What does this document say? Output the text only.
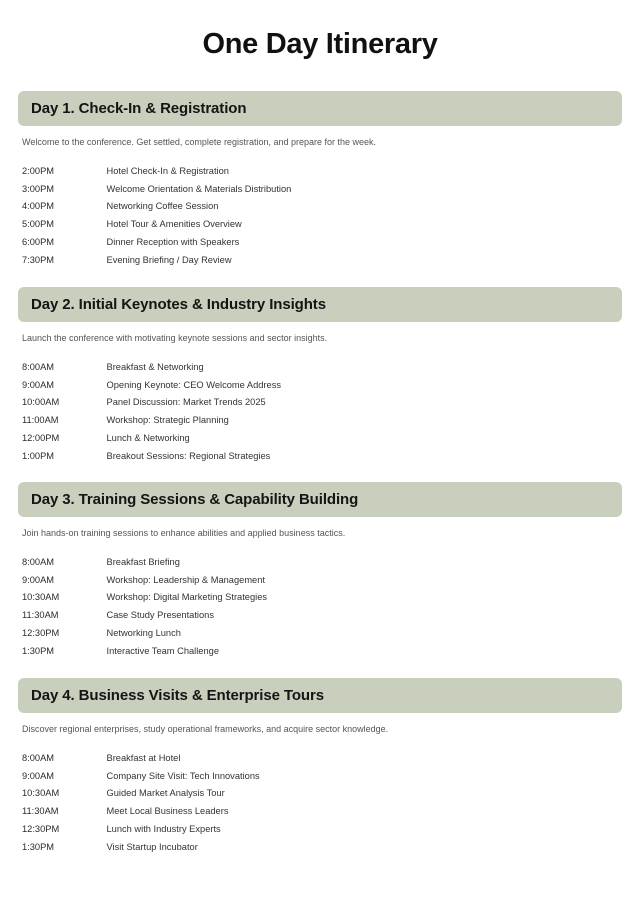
One Day Itinerary
Day 1. Check-In & Registration

Welcome to the conference. Get settled, complete registration, and prepare for the week.

2:00PM	Hotel Check-In & Registration
3:00PM	Welcome Orientation & Materials Distribution
4:00PM	Networking Coffee Session
5:00PM	Hotel Tour & Amenities Overview
6:00PM	Dinner Reception with Speakers
7:30PM	Evening Briefing / Day Review
Day 2. Initial Keynotes & Industry Insights

Launch the conference with motivating keynote sessions and sector insights.

8:00AM	Breakfast & Networking
9:00AM	Opening Keynote: CEO Welcome Address
10:00AM	Panel Discussion: Market Trends 2025
11:00AM	Workshop: Strategic Planning
12:00PM	Lunch & Networking
1:00PM	Breakout Sessions: Regional Strategies
Day 3. Training Sessions & Capability Building

Join hands-on training sessions to enhance abilities and applied business tactics.

8:00AM	Breakfast Briefing
9:00AM	Workshop: Leadership & Management
10:30AM	Workshop: Digital Marketing Strategies
11:30AM	Case Study Presentations
12:30PM	Networking Lunch
1:30PM	Interactive Team Challenge
Day 4. Business Visits & Enterprise Tours

Discover regional enterprises, study operational frameworks, and acquire sector knowledge.

8:00AM	Breakfast at Hotel
9:00AM	Company Site Visit: Tech Innovations
10:30AM	Guided Market Analysis Tour
11:30AM	Meet Local Business Leaders
12:30PM	Lunch with Industry Experts
1:30PM	Visit Startup Incubator
